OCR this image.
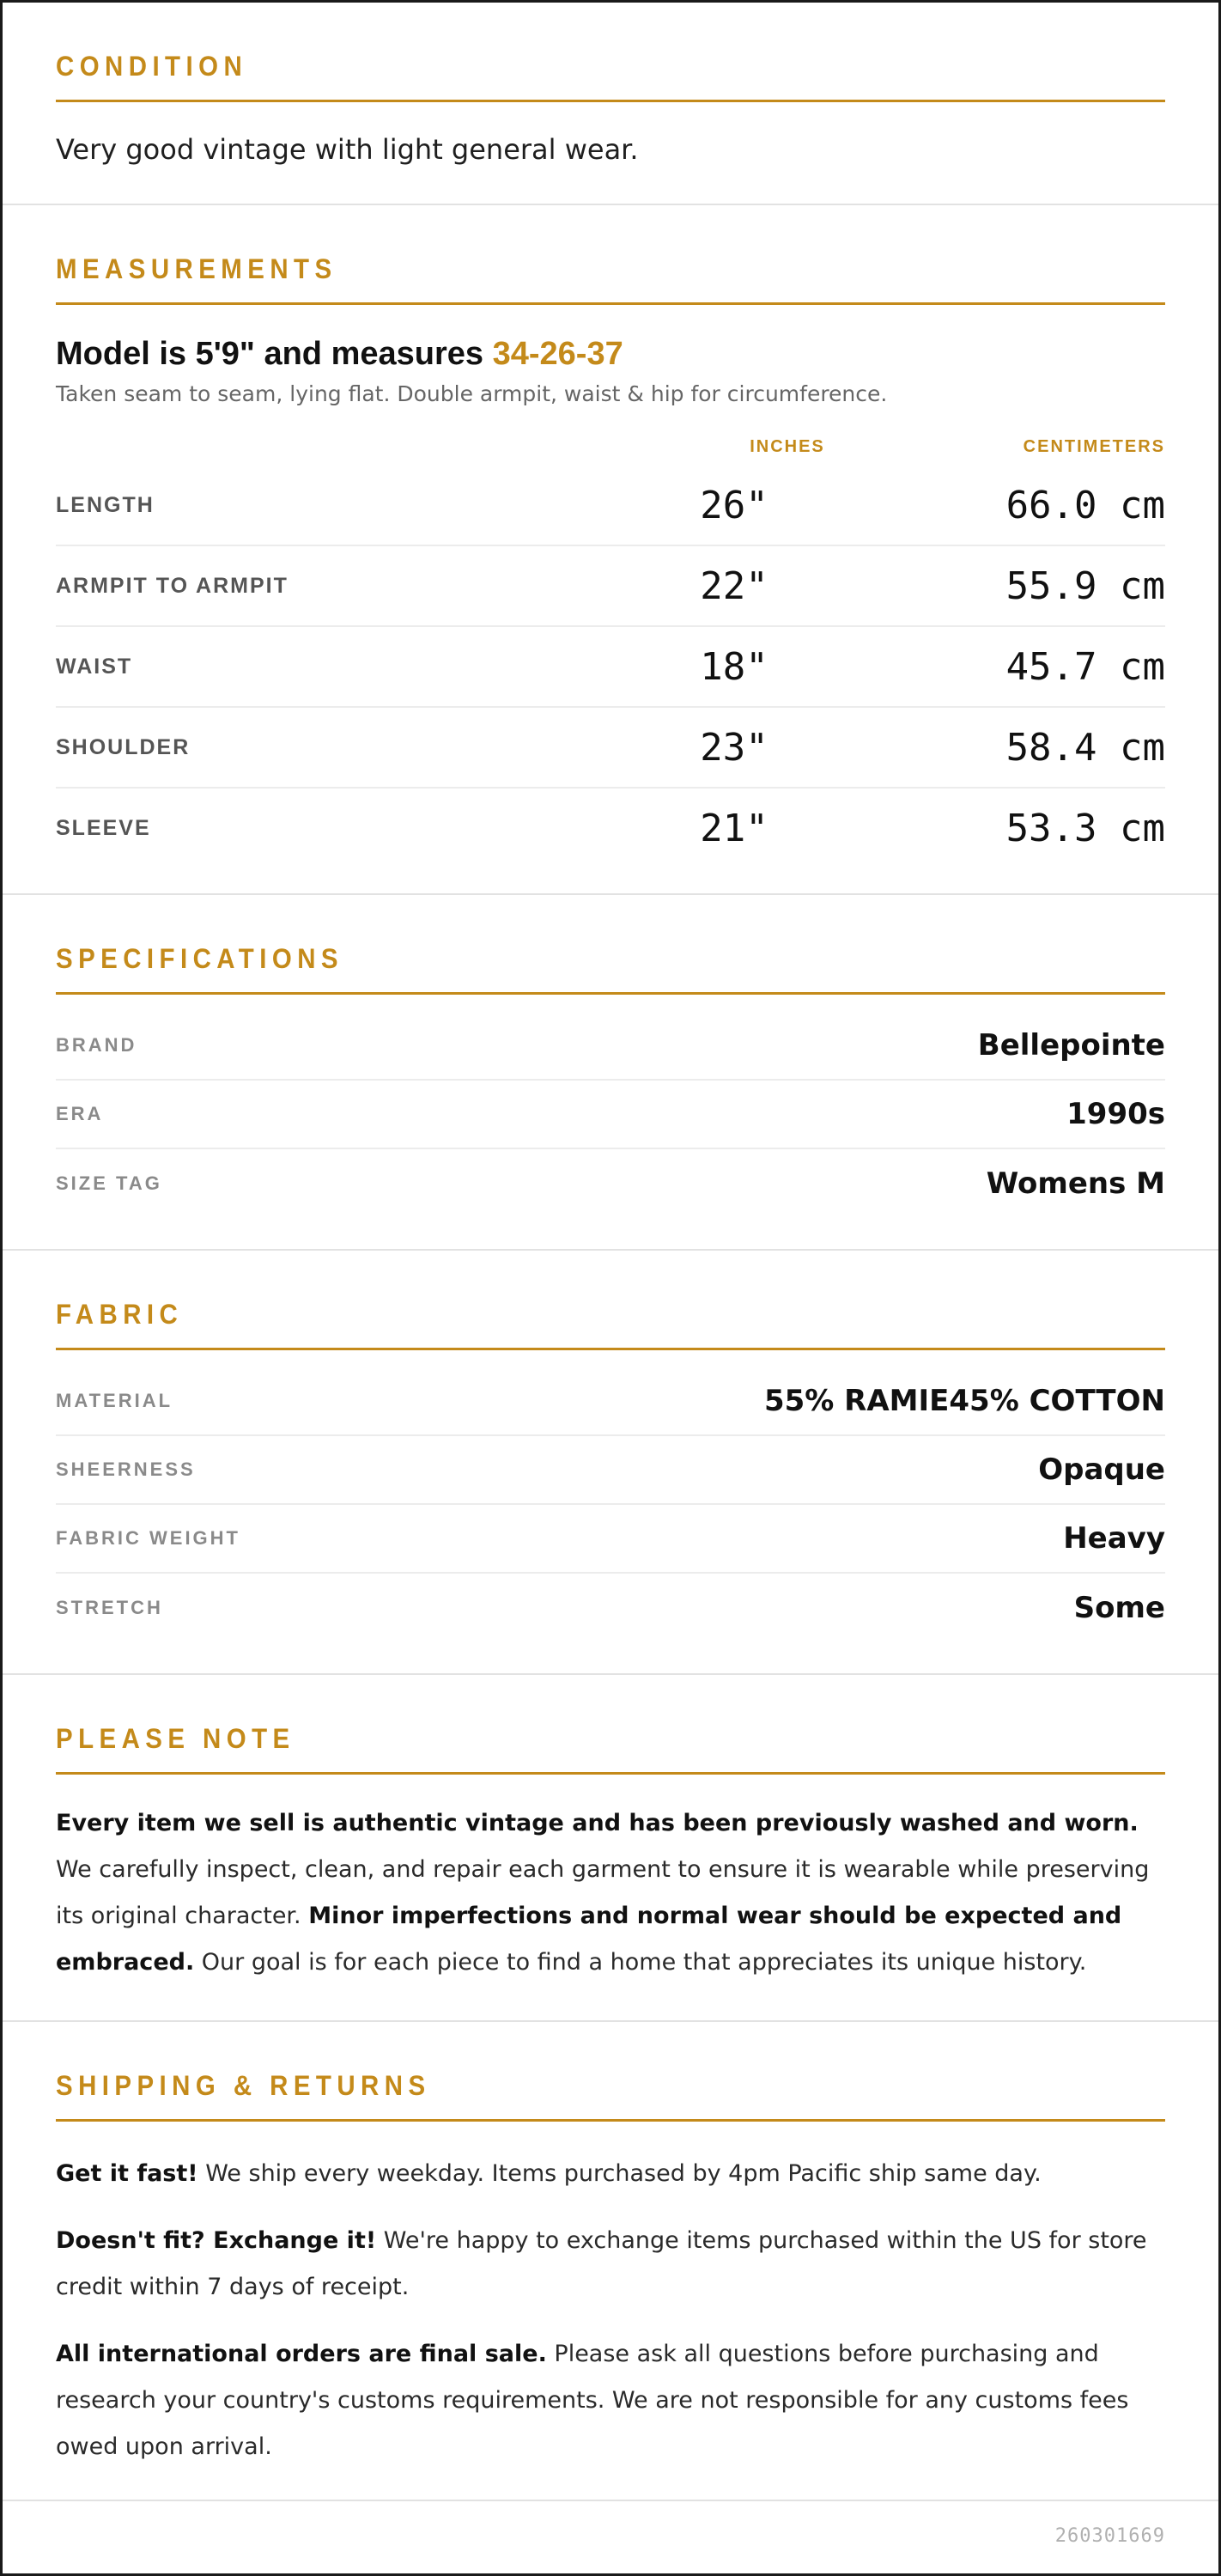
CONDITION
Very good vintage with light general wear.
MEASUREMENTS
Model is 5'9" and measures 34-26-37
Taken seam to seam, lying flat. Double armpit, waist & hip for circumference.
INCHES	CENTIMETERS
LENGTH	26"	66.0 cm
ARMPIT TO ARMPIT	22"	55.9 cm
WAIST	18"	45.7 cm
SHOULDER	23"	58.4 cm
SLEEVE	21"	53.3 cm
SPECIFICATIONS
BRAND	Bellepointe
ERA	1990s
SIZE TAG	Womens M
FABRIC
MATERIAL	55% RAMIE45% COTTON
SHEERNESS	Opaque
FABRIC WEIGHT	Heavy
STRETCH	Some
PLEASE NOTE

Every item we sell is authentic vintage and has been previously washed and worn. We carefully inspect, clean, and repair each garment to ensure it is wearable while preserving its original character. Minor imperfections and normal wear should be expected and embraced. Our goal is for each piece to find a home that appreciates its unique history.

SHIPPING & RETURNS

Get it fast! We ship every weekday. Items purchased by 4pm Pacific ship same day.

Doesn't fit? Exchange it! We're happy to exchange items purchased within the US for store credit within 7 days of receipt.

All international orders are final sale. Please ask all questions before purchasing and research your country's customs requirements. We are not responsible for any customs fees owed upon arrival.

260301669
